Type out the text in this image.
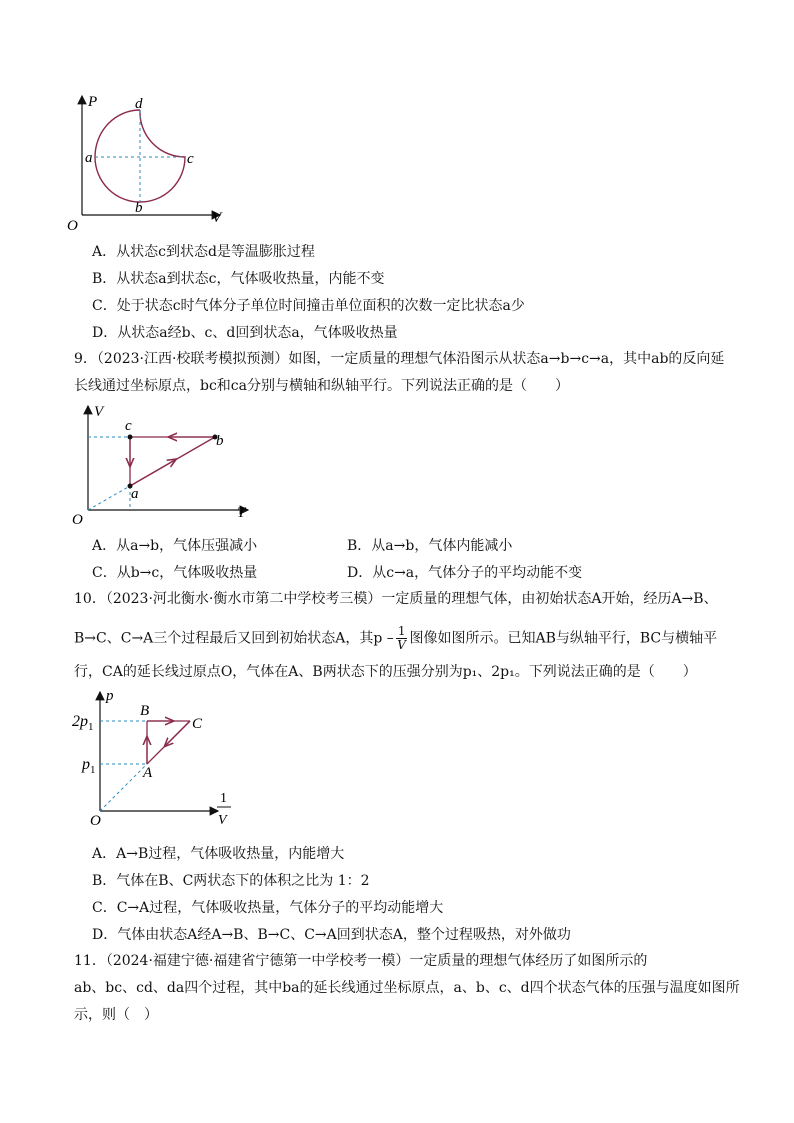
P
V
O
a
b
c
d
A．从状态c到状态d是等温膨胀过程
B．从状态a到状态c，气体吸收热量，内能不变
C．处于状态c时气体分子单位时间撞击单位面积的次数一定比状态a少
D．从状态a经b、c、d回到状态a，气体吸收热量
9．（2023·江西·校联考模拟预测）如图，一定质量的理想气体沿图示从状态a→b→c→a，其中ab的反向延
长线通过坐标原点，bc和ca分别与横轴和纵轴平行。下列说法正确的是（　　）
V
T
O
a
b
c
A．从a→b，气体压强减小	B．从a→b，气体内能减小
C．从b→c，气体吸收热量	D．从c→a，气体分子的平均动能不变
10．（2023·河北衡水·衡水市第二中学校考三模）一定质量的理想气体，由初始状态A开始，经历A→B、
B→C、C→A三个过程最后又回到初始状态A，其p – $\frac{1}{V}$ 图像如图所示。已知AB与纵轴平行，BC与横轴平
行，CA的延长线过原点O，气体在A、B两状态下的压强分别为p₁、2p₁。下列说法正确的是（　　）
p
$2p_1$
$p_1$
O
A
B
C
1
V
A．A→B过程，气体吸收热量，内能增大
B．气体在B、C两状态下的体积之比为 1：2
C．C→A过程，气体吸收热量，气体分子的平均动能增大
D．气体由状态A经A→B、B→C、C→A回到状态A，整个过程吸热，对外做功
11．（2024·福建宁德·福建省宁德第一中学校考一模）一定质量的理想气体经历了如图所示的
ab、bc、cd、da四个过程，其中ba的延长线通过坐标原点，a、b、c、d四个状态气体的压强与温度如图所
示，则（　）
